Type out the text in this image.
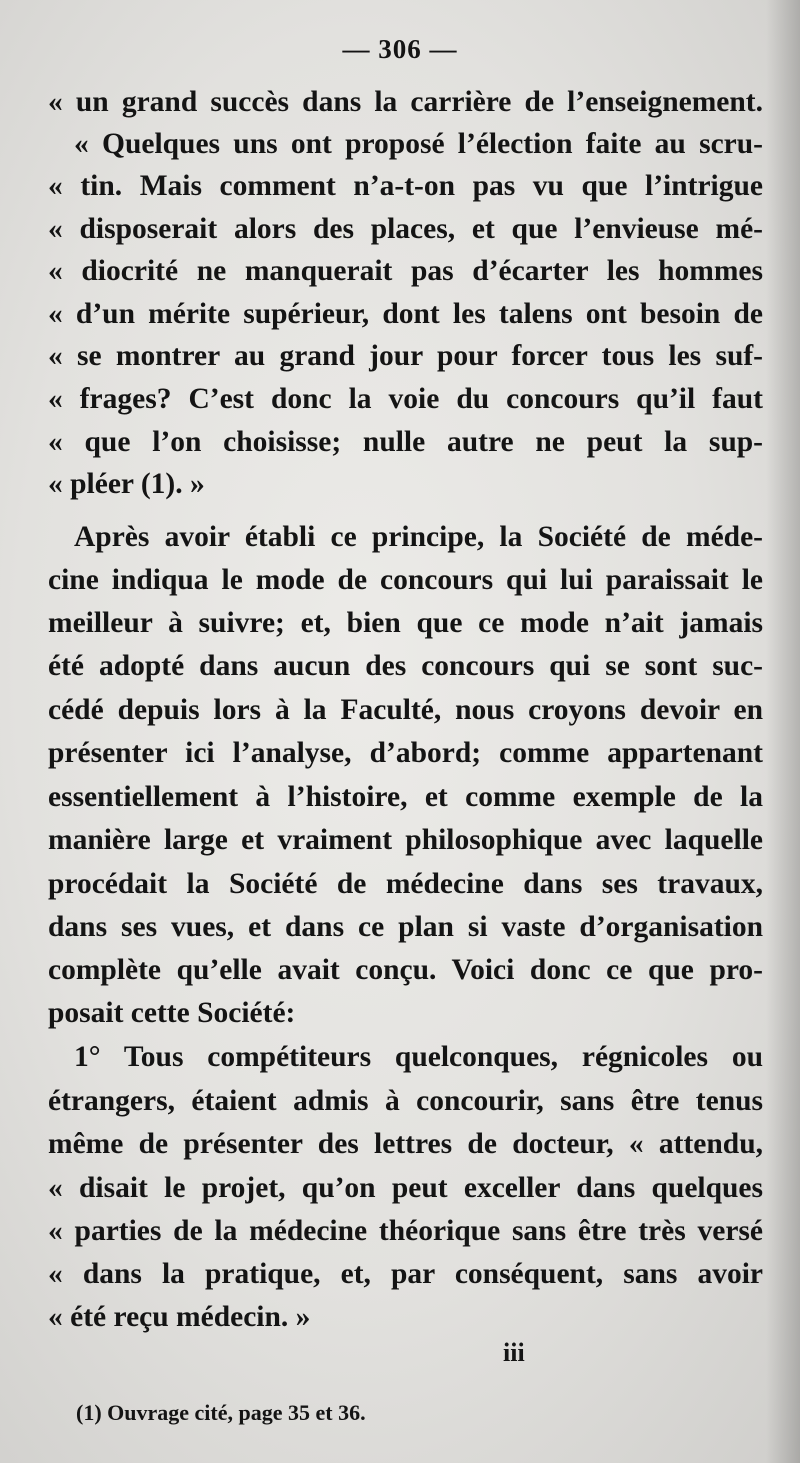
— 306 —
« un grand succès dans la carrière de l’enseignement.
« Quelques uns ont proposé l’élection faite au scru-
« tin. Mais comment n’a-t-on pas vu que l’intrigue
« disposerait alors des places, et que l’envieuse mé-
« diocrité ne manquerait pas d’écarter les hommes
« d’un mérite supérieur, dont les talens ont besoin de
« se montrer au grand jour pour forcer tous les suf-
« frages? C’est donc la voie du concours qu’il faut
« que l’on choisisse; nulle autre ne peut la sup-
« pléer (1). »
Après avoir établi ce principe, la Société de méde-
cine indiqua le mode de concours qui lui paraissait le
meilleur à suivre; et, bien que ce mode n’ait jamais
été adopté dans aucun des concours qui se sont suc-
cédé depuis lors à la Faculté, nous croyons devoir en
présenter ici l’analyse, d’abord; comme appartenant
essentiellement à l’histoire, et comme exemple de la
manière large et vraiment philosophique avec laquelle
procédait la Société de médecine dans ses travaux,
dans ses vues, et dans ce plan si vaste d’organisation
complète qu’elle avait conçu. Voici donc ce que pro-
posait cette Société:
1° Tous compétiteurs quelconques, régnicoles ou
étrangers, étaient admis à concourir, sans être tenus
même de présenter des lettres de docteur, « attendu,
« disait le projet, qu’on peut exceller dans quelques
« parties de la médecine théorique sans être très versé
« dans la pratique, et, par conséquent, sans avoir
« été reçu médecin. »
iii
(1) Ouvrage cité, page 35 et 36.
